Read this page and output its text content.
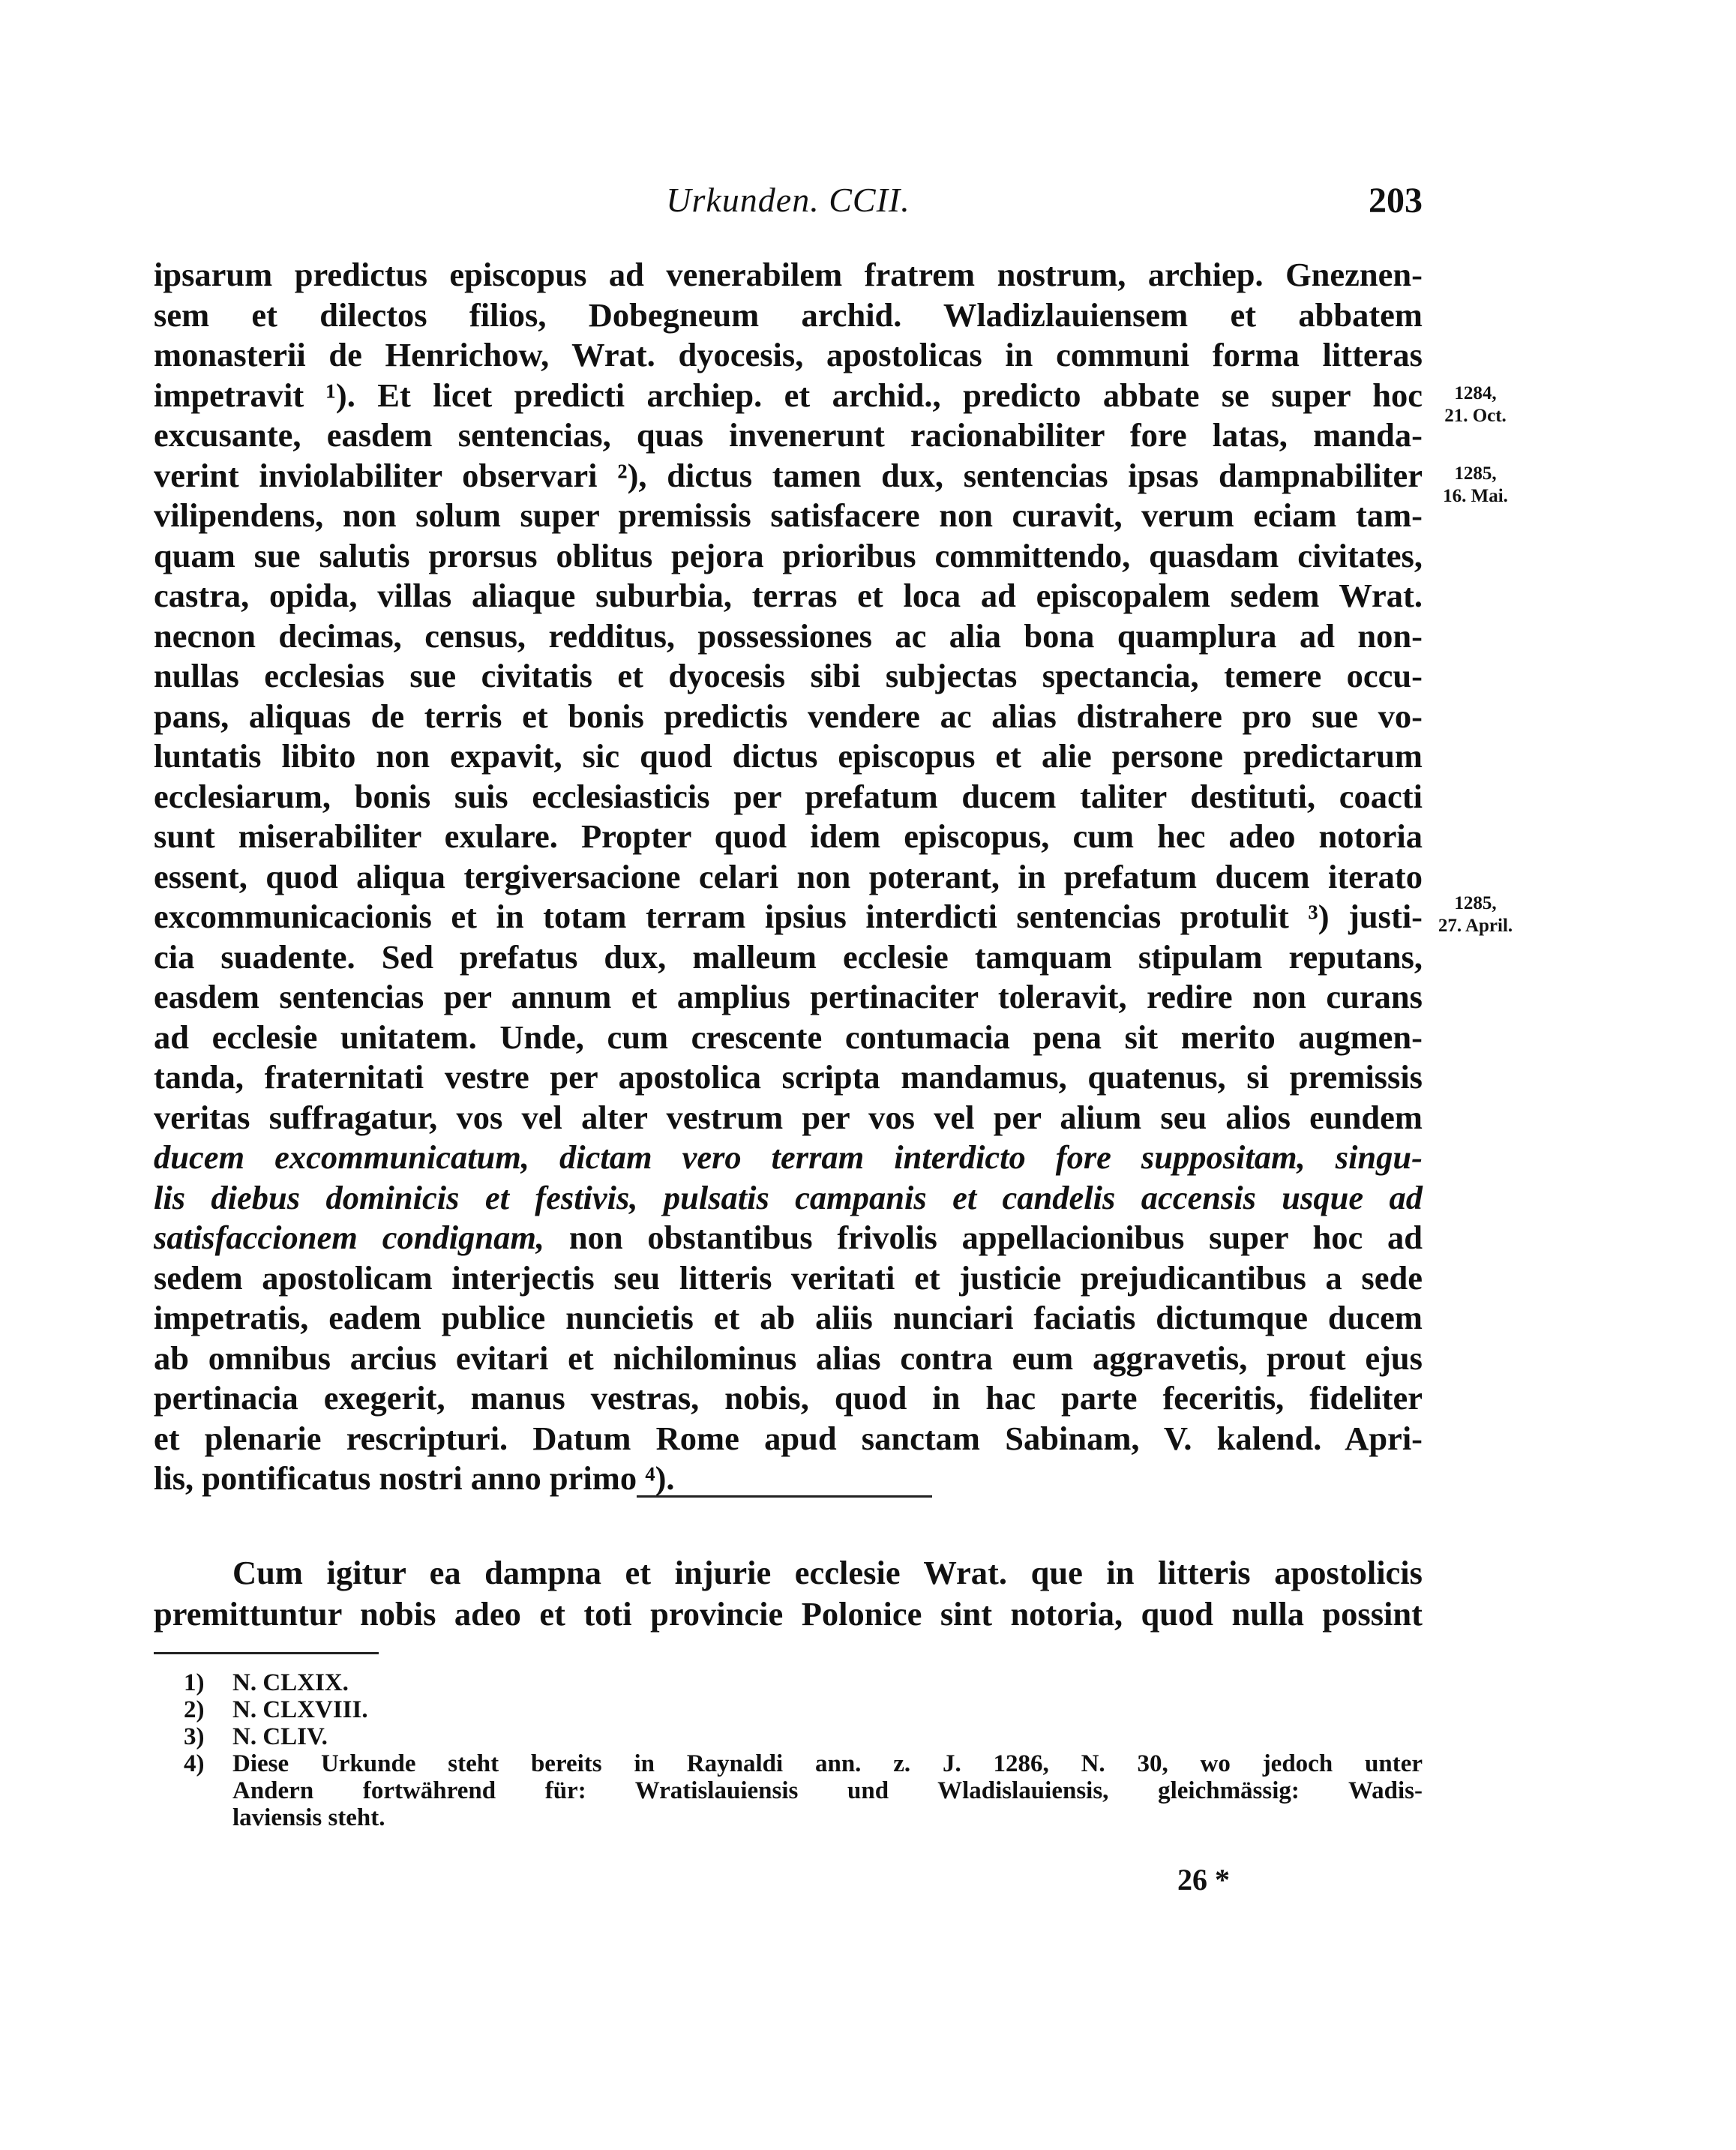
Urkunden. CCII.	203
ipsarum predictus episcopus ad venerabilem fratrem nostrum, archiep. Gneznen-
sem et dilectos filios, Dobegneum archid. Wladizlauiensem et abbatem
monasterii de Henrichow, Wrat. dyocesis, apostolicas in communi forma litteras
impetravit ¹). Et licet predicti archiep. et archid., predicto abbate se super hoc
excusante, easdem sentencias, quas invenerunt racionabiliter fore latas, manda-
verint inviolabiliter observari ²), dictus tamen dux, sentencias ipsas dampnabiliter
vilipendens, non solum super premissis satisfacere non curavit, verum eciam tam-
quam sue salutis prorsus oblitus pejora prioribus committendo, quasdam civitates,
castra, opida, villas aliaque suburbia, terras et loca ad episcopalem sedem Wrat.
necnon decimas, census, redditus, possessiones ac alia bona quamplura ad non-
nullas ecclesias sue civitatis et dyocesis sibi subjectas spectancia, temere occu-
pans, aliquas de terris et bonis predictis vendere ac alias distrahere pro sue vo-
luntatis libito non expavit, sic quod dictus episcopus et alie persone predictarum
ecclesiarum, bonis suis ecclesiasticis per prefatum ducem taliter destituti, coacti
sunt miserabiliter exulare. Propter quod idem episcopus, cum hec adeo notoria
essent, quod aliqua tergiversacione celari non poterant, in prefatum ducem iterato
excommunicacionis et in totam terram ipsius interdicti sentencias protulit ³) justi-
cia suadente. Sed prefatus dux, malleum ecclesie tamquam stipulam reputans,
easdem sentencias per annum et amplius pertinaciter toleravit, redire non curans
ad ecclesie unitatem. Unde, cum crescente contumacia pena sit merito augmen-
tanda, fraternitati vestre per apostolica scripta mandamus, quatenus, si premissis
veritas suffragatur, vos vel alter vestrum per vos vel per alium seu alios eundem
ducem excommunicatum, dictam vero terram interdicto fore suppositam, singu-
lis diebus dominicis et festivis, pulsatis campanis et candelis accensis usque ad
satisfaccionem condignam, non obstantibus frivolis appellacionibus super hoc ad
sedem apostolicam interjectis seu litteris veritati et justicie prejudicantibus a sede
impetratis, eadem publice nuncietis et ab aliis nunciari faciatis dictumque ducem
ab omnibus arcius evitari et nichilominus alias contra eum aggravetis, prout ejus
pertinacia exegerit, manus vestras, nobis, quod in hac parte feceritis, fideliter
et plenarie rescripturi. Datum Rome apud sanctam Sabinam, V. kalend. Apri-
lis, pontificatus nostri anno primo ⁴).
1284,
21. Oct.
1285,
16. Mai.
1285,
27. April.
Cum igitur ea dampna et injurie ecclesie Wrat. que in litteris apostolicis
premittuntur nobis adeo et toti provincie Polonice sint notoria, quod nulla possint
1) N. CLXIX.
2) N. CLXVIII.
3) N. CLIV.
4)	Diese Urkunde steht bereits in Raynaldi ann. z. J. 1286, N. 30, wo jedoch unter
Andern fortwährend für: Wratislauiensis und Wladislauiensis, gleichmässig: Wadis-
laviensis steht.
26 *
